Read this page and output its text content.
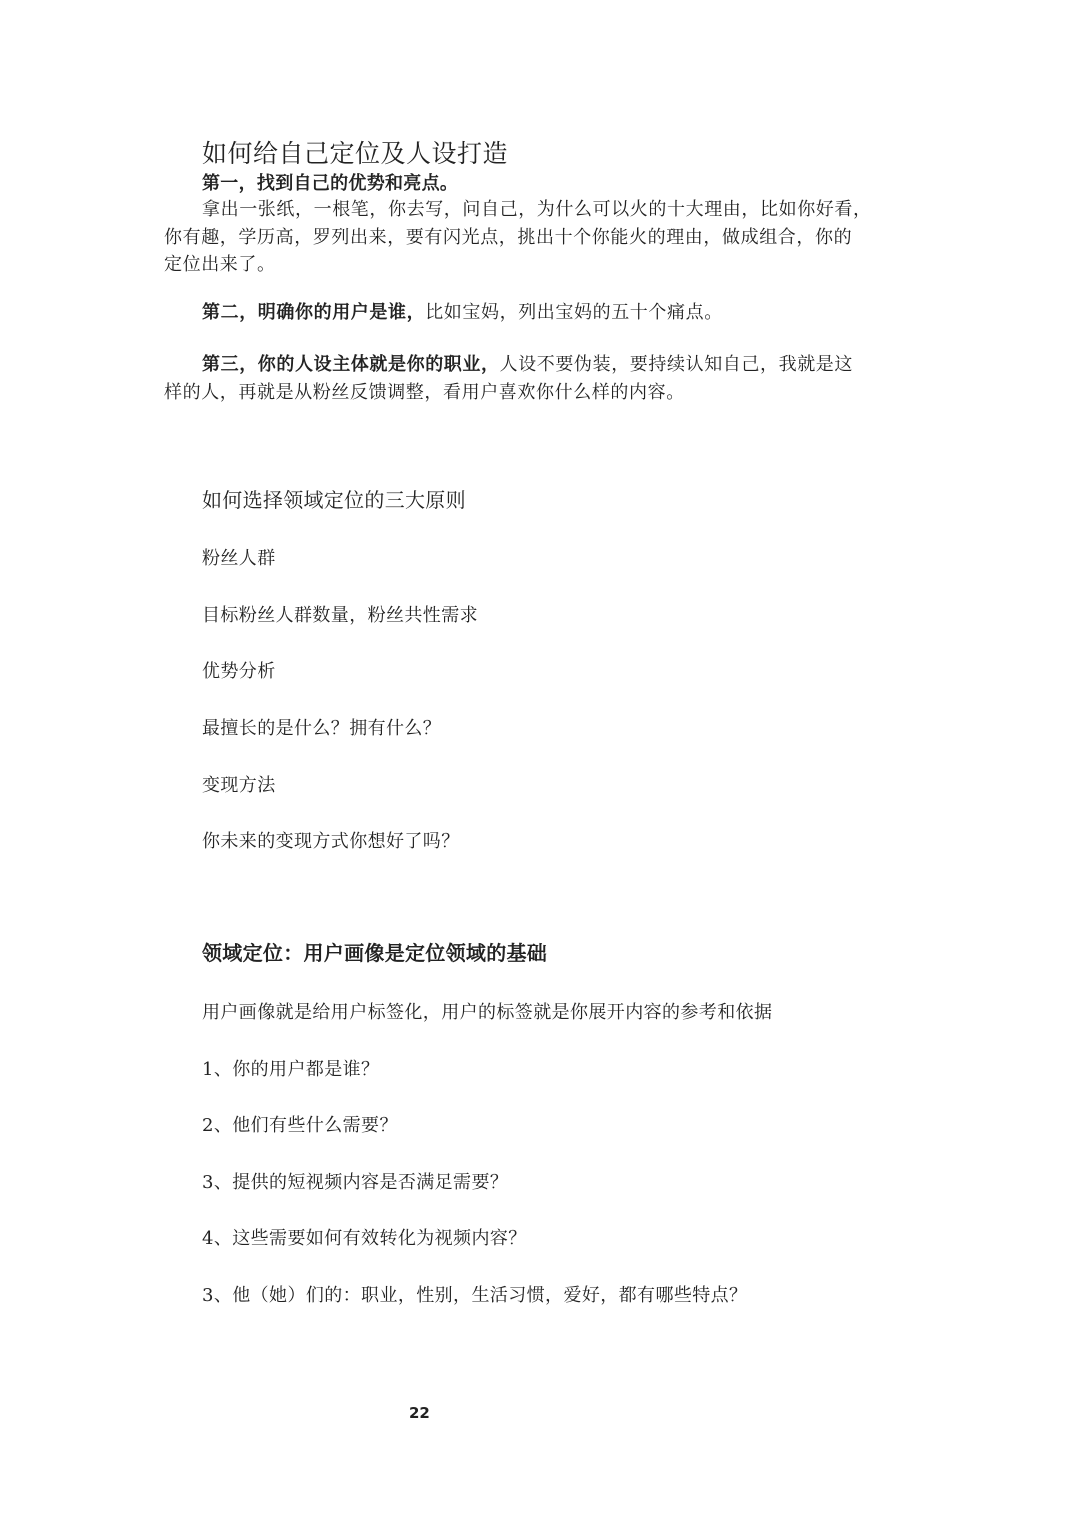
如何给自己定位及人设打造
第一，找到自己的优势和亮点。
拿出一张纸，一根笔，你去写，问自己，为什么可以火的十大理由，比如你好看，
你有趣，学历高，罗列出来，要有闪光点，挑出十个你能火的理由，做成组合，你的
定位出来了。
第二，明确你的用户是谁，比如宝妈，列出宝妈的五十个痛点。
第三，你的人设主体就是你的职业，人设不要伪装，要持续认知自己，我就是这
样的人，再就是从粉丝反馈调整，看用户喜欢你什么样的内容。
如何选择领域定位的三大原则
粉丝人群
目标粉丝人群数量，粉丝共性需求
优势分析
最擅长的是什么？拥有什么？
变现方法
你未来的变现方式你想好了吗？
领域定位：用户画像是定位领域的基础
用户画像就是给用户标签化，用户的标签就是你展开内容的参考和依据
1、你的用户都是谁？
2、他们有些什么需要？
3、提供的短视频内容是否满足需要？
4、这些需要如何有效转化为视频内容？
3、他（她）们的：职业，性别，生活习惯，爱好，都有哪些特点？
22
